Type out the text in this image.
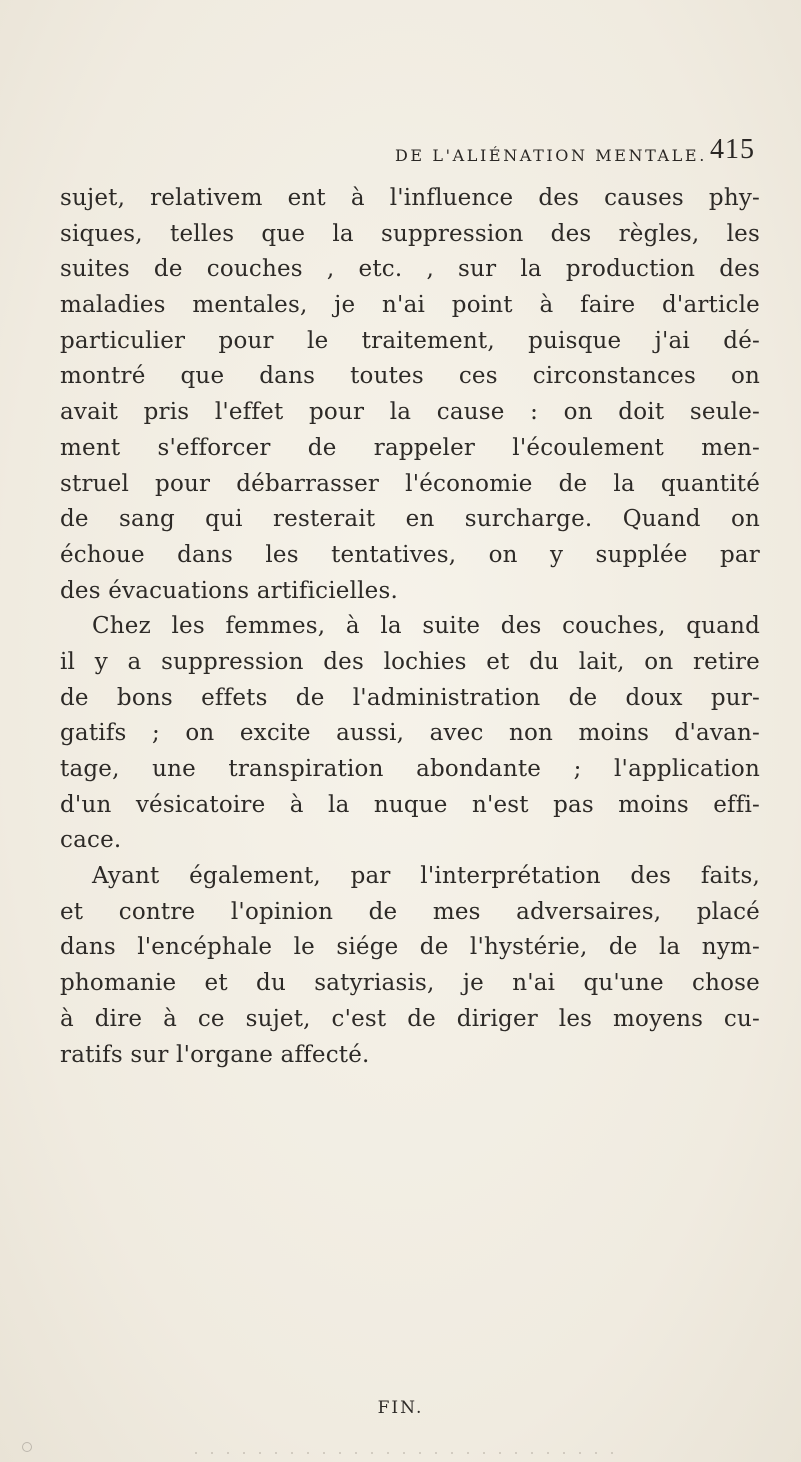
DE L'ALIÉNATION MENTALE. 415
sujet, relativem ent à l'influence des causes phy-
siques, telles que la suppression des règles, les
suites de couches , etc. , sur la production des
maladies mentales, je n'ai point à faire d'article
particulier pour le traitement, puisque j'ai dé-
montré que dans toutes ces circonstances on
avait pris l'effet pour la cause : on doit seule-
ment s'efforcer de rappeler l'écoulement men-
struel pour débarrasser l'économie de la quantité
de sang qui resterait en surcharge. Quand on
échoue dans les tentatives, on y supplée par
des évacuations artificielles.
Chez les femmes, à la suite des couches, quand
il y a suppression des lochies et du lait, on retire
de bons effets de l'administration de doux pur-
gatifs ; on excite aussi, avec non moins d'avan-
tage, une transpiration abondante ; l'application
d'un vésicatoire à la nuque n'est pas moins effi-
cace.
Ayant également, par l'interprétation des faits,
et contre l'opinion de mes adversaires, placé
dans l'encéphale le siége de l'hystérie, de la nym-
phomanie et du satyriasis, je n'ai qu'une chose
à dire à ce sujet, c'est de diriger les moyens cu-
ratifs sur l'organe affecté.
FIN.
